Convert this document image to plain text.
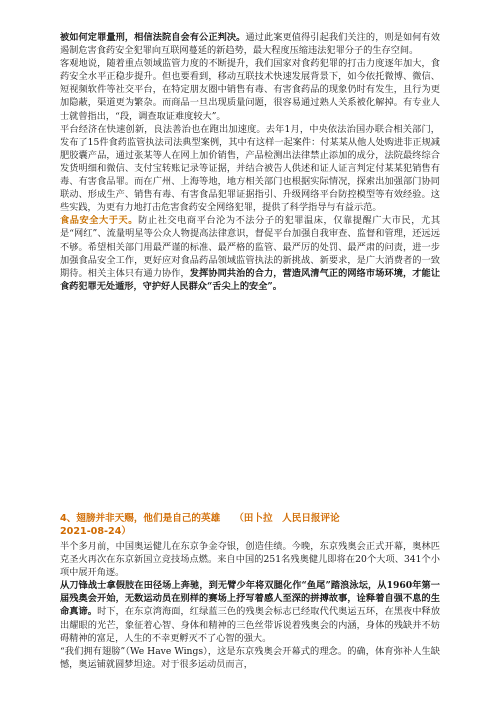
被如何定罪量刑，相信法院自会有公正判决。通过此案更值得引起我们关注的，则是如何有效遏制危害食药安全犯罪向互联网蔓延的新趋势，最大程度压缩违法犯罪分子的生存空间。

客观地说，随着重点领域监管力度的不断提升，我们国家对食药犯罪的打击力度逐年加大，食药安全水平正稳步提升。但也要看到，移动互联技术快速发展背景下，如今依托微博、微信、短视频软件等社交平台，在特定朋友圈中销售有毒、有害食药品的现象仍时有发生，且行为更加隐蔽，渠道更为繁杂。而商品一旦出现质量问题，很容易通过熟人关系被化解掉。有专业人士就曾指出，“段，调查取证难度较大”。

平台经济在快速创新，良法善治也在跑出加速度。去年1月，中央依法治国办联合相关部门，发布了15件食药监管执法司法典型案例，其中有这样一起案件：付某某从他人处购进非正规减肥胶囊产品，通过张某等人在网上加价销售，产品检测出法律禁止添加的成分，法院最终综合发货明细和微信、支付宝转账记录等证据，并结合被告人供述和证人证言判定付某某犯销售有毒、有害食品罪。而在广州、上海等地，地方相关部门也根据实际情况，探索出加强部门协同联动、形成生产、销售有毒、有害食品犯罪证据指引、升级网络平台防控模型等有效经验。这些实践，为更有力地打击危害食药安全网络犯罪，提供了科学指导与有益示范。

食品安全大于天。防止社交电商平台沦为不法分子的犯罪温床，仅靠提醒广大市民，尤其是“网红”、流量明星等公众人物提高法律意识，督促平台加强自我审查、监督和管理，还远远不够。希望相关部门用最严谨的标准、最严格的监管、最严厉的处罚、最严肃的问责，进一步加强食品安全工作，更好应对食品药品领域监管执法的新挑战、新要求，是广大消费者的一致期待。相关主体只有通力协作，发挥协同共治的合力，营造风清气正的网络市场环境，才能让食药犯罪无处遁形，守护好人民群众“舌尖上的安全”。

4、翅膀并非天赐，他们是自己的英雄 （田卜拉　人民日报评论
2021-08-24）

半个多月前，中国奥运健儿在东京争金夺银，创造佳绩。今晚，东京残奥会正式开幕，奥林匹克圣火再次在东京新国立竞技场点燃。来自中国的251名残奥健儿即将在20个大项、341个小项中展开角逐。

从刀锋战士拿假肢在田径场上奔驰，到无臂少年将双腿化作“鱼尾”踏浪泳坛，从1960年第一届残奥会开始，无数运动员在别样的赛场上抒写着感人至深的拼搏故事，诠释着自强不息的生命真谛。时下，在东京湾海面，红绿蓝三色的残奥会标志已经取代代奥运五环，在黑夜中释放出耀眼的光芒，象征着心智、身体和精神的三色丝带诉说着残奥会的内涵，身体的残缺并不妨碍精神的富足，人生的不幸更孵灭不了心智的强大。

“我们拥有翅膀”（We Have Wings），这是东京残奥会开幕式的理念。的确，体育弥补人生缺憾，奥运铺就圆梦坦途。对于很多运动员而言，
